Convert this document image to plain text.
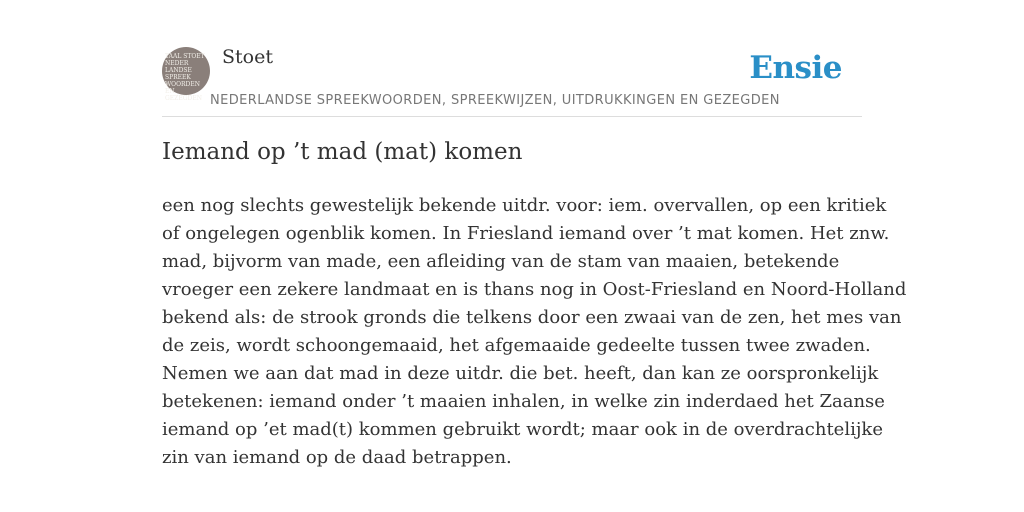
TAAL STOET
NEDER LANDSE
SPREEK
WOORDEN EN
GEZEGDEN
Stoet	Ensie
NEDERLANDSE SPREEKWOORDEN, SPREEKWIJZEN, UITDRUKKINGEN EN GEZEGDEN
Iemand op ’t mad (mat) komen
een nog slechts gewestelijk bekende uitdr. voor: iem. overvallen, op een kritiek
of ongelegen ogenblik komen. In Friesland iemand over ’t mat komen. Het znw.
mad, bijvorm van made, een afleiding van de stam van maaien, betekende
vroeger een zekere landmaat en is thans nog in Oost-Friesland en Noord-Holland
bekend als: de strook gronds die telkens door een zwaai van de zen, het mes van
de zeis, wordt schoongemaaid, het afgemaaide gedeelte tussen twee zwaden.
Nemen we aan dat mad in deze uitdr. die bet. heeft, dan kan ze oorspronkelijk
betekenen: iemand onder ’t maaien inhalen, in welke zin inderdaed het Zaanse
iemand op ’et mad(t) kommen gebruikt wordt; maar ook in de overdrachtelijke
zin van iemand op de daad betrappen.
